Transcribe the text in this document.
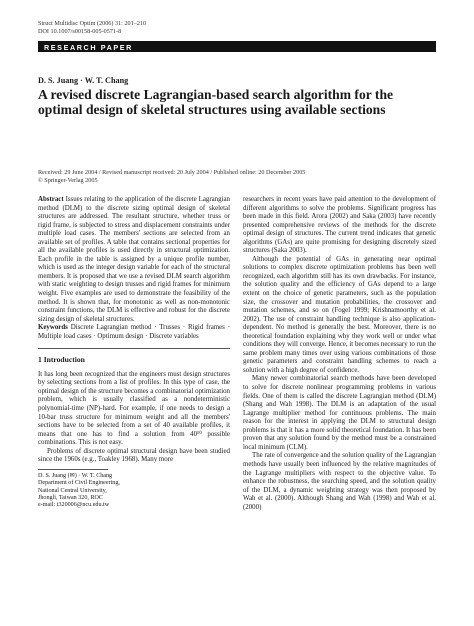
Struct Multidisc Optim (2006) 31: 201–210
DOI 10.1007/s00158-005-0571-8
RESEARCH PAPER
D. S. Juang · W. T. Chang
A revised discrete Lagrangian-based search algorithm for the optimal design of skeletal structures using available sections
Received: 29 June 2004 / Revised manuscript received: 20 July 2004 / Published online: 20 December 2005
© Springer-Verlag 2005

Abstract Issues relating to the application of the discrete Lagrangian method (DLM) to the discrete sizing optimal design of skeletal structures are addressed. The resultant structure, whether truss or rigid frame, is subjected to stress and displacement constraints under multiple load cases. The members' sections are selected from an available set of profiles. A table that contains sectional properties for all the available profiles is used directly in structural optimization. Each profile in the table is assigned by a unique profile number, which is used as the integer design variable for each of the structural members. It is proposed that we use a revised DLM search algorithm with static weighting to design trusses and rigid frames for minimum weight. Five examples are used to demonstrate the feasibility of the method. It is shown that, for monotonic as well as non-monotonic constraint functions, the DLM is effective and robust for the discrete sizing design of skeletal structures.

Keywords Discrete Lagrangian method · Trusses · Rigid frames · Multiple load cases · Optimum design · Discrete variables

1 Introduction

It has long been recognized that the engineers must design structures by selecting sections from a list of profiles. In this type of case, the optimal design of the structure becomes a combinatorial optimization problem, which is usually classified as a nondeterministic polynomial-time (NP)-hard. For example, if one needs to design a 10-bar truss structure for minimum weight and all the members' sections have to be selected from a set of 40 available profiles, it means that one has to find a solution from 40¹⁰ possible combinations. This is not easy.

Problems of discrete optimal structural design have been studied since the 1960s (e.g., Toakley 1968). Many more

D. S. Juang (✉) · W. T. Chang
Department of Civil Engineering,
National Central University,
Jhongli, Taiwan 320, ROC
e-mail: t320006@ncu.edu.tw

researchers in recent years have paid attention to the development of different algorithms to solve the problems. Significant progress has been made in this field. Arora (2002) and Saka (2003) have recently presented comprehensive reviews of the methods for the discrete optimal design of structures. The current trend indicates that genetic algorithms (GAs) are quite promising for designing discretely sized structures (Saka 2003).

Although the potential of GAs in generating near optimal solutions to complex discrete optimization problems has been well recognized, each algorithm still has its own drawbacks. For instance, the solution quality and the efficiency of GAs depend to a large extent on the choice of genetic parameters, such as the population size, the crossover and mutation probabilities, the crossover and mutation schemes, and so on (Fogel 1999; Krishnamoorthy et al. 2002). The use of constraint handling technique is also application-dependent. No method is generally the best. Moreover, there is no theoretical foundation explaining why they work well or under what conditions they will converge. Hence, it becomes necessary to run the same problem many times over using various combinations of those genetic parameters and constraint handling schemes to reach a solution with a high degree of confidence.

Many newer combinatorial search methods have been developed to solve for discrete nonlinear programming problems in various fields. One of them is called the discrete Lagrangian method (DLM) (Shang and Wah 1998). The DLM is an adaptation of the usual Lagrange multiplier method for continuous problems. The main reason for the interest in applying the DLM to structural design problems is that it has a more solid theoretical foundation. It has been proven that any solution found by the method must be a constrained local minimum (CLM).

The rate of convergence and the solution quality of the Lagrangian methods have usually been influenced by the relative magnitudes of the Lagrange multipliers with respect to the objective value. To enhance the robustness, the searching speed, and the solution quality of the DLM, a dynamic weighting strategy was then proposed by Wah et al. (2000). Although Shang and Wah (1998) and Wah et al. (2000)
